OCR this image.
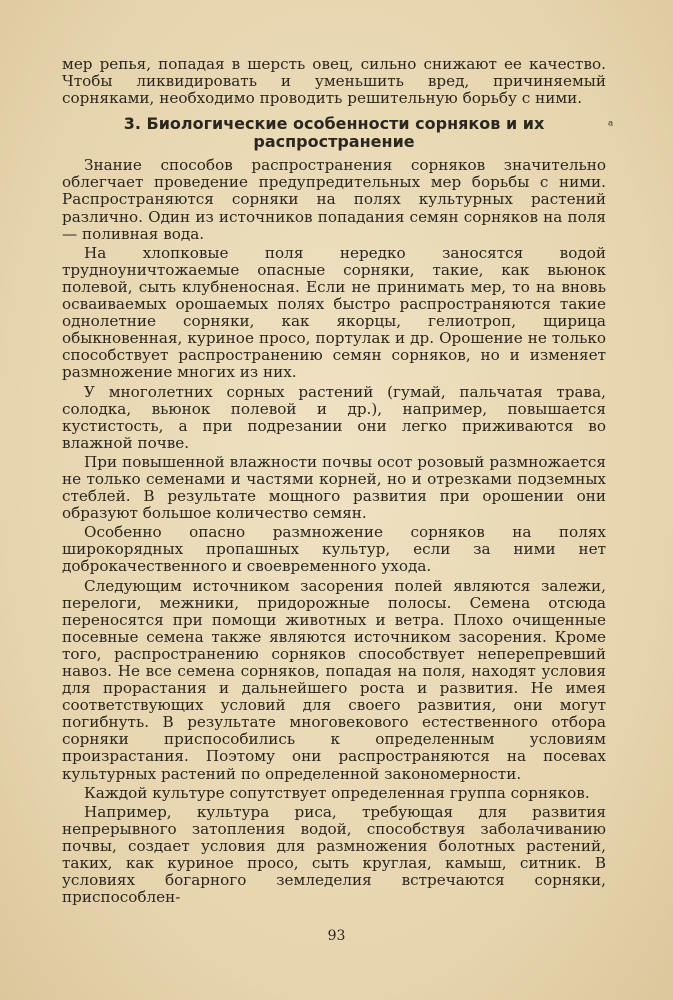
мер репья, попадая в шерсть овец, сильно снижают ее качество. Чтобы ликвидировать и уменьшить вред, причиняемый сорняками, необходимо проводить решительную борьбу с ними.

3. Биологические особенности сорняков и их распространение

Знание способов распространения сорняков значительно облегчает проведение предупредительных мер борьбы с ними. Распространяются сорняки на полях культурных растений различно. Один из источников попадания семян сорняков на поля — поливная вода.

На хлопковые поля нередко заносятся водой трудноуничтожаемые опасные сорняки, такие, как вьюнок полевой, сыть клубненосная. Если не принимать мер, то на вновь осваиваемых орошаемых полях быстро распространяются такие однолетние сорняки, как якорцы, гелиотроп, щирица обыкновенная, куриное просо, портулак и др. Орошение не только способствует распространению семян сорняков, но и изменяет размножение многих из них.

У многолетних сорных растений (гумай, пальчатая трава, солодка, вьюнок полевой и др.), например, повышается кустистость, а при подрезании они легко приживаются во влажной почве.

При повышенной влажности почвы осот розовый размножается не только семенами и частями корней, но и отрезками подземных стеблей. В результате мощного развития при орошении они образуют большое количество семян.

Особенно опасно размножение сорняков на полях широкорядных пропашных культур, если за ними нет доброкачественного и своевременного ухода.

Следующим источником засорения полей являются залежи, перелоги, межники, придорожные полосы. Семена отсюда переносятся при помощи животных и ветра. Плохо очищенные посевные семена также являются источником засорения. Кроме того, распространению сорняков способствует неперепревший навоз. Не все семена сорняков, попадая на поля, находят условия для прорастания и дальнейшего роста и развития. Не имея соответствующих условий для своего развития, они могут погибнуть. В результате многовекового естественного отбора сорняки приспособились к определенным условиям произрастания. Поэтому они распространяются на посевах культурных растений по определенной закономерности.

Каждой культуре сопутствует определенная группа сорняков.

Например, культура риса, требующая для развития непрерывного затопления водой, способствуя заболачиванию почвы, создает условия для размножения болотных растений, таких, как куриное просо, сыть круглая, камыш, ситник. В условиях богарного земледелия встречаются сорняки, приспособлен-

ᵃ
93
